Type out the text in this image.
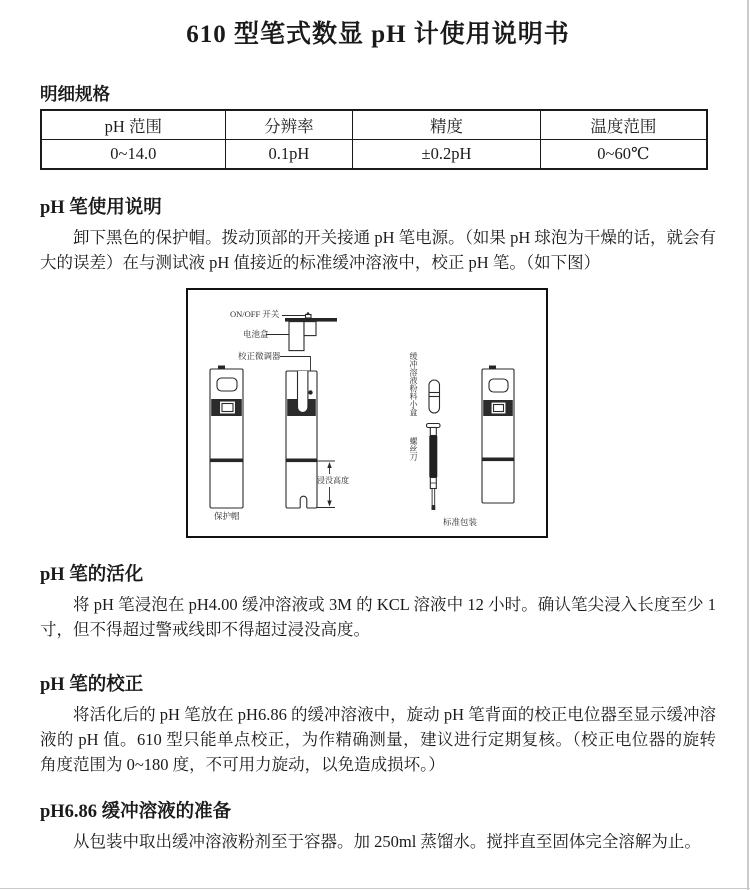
610 型笔式数显 pH 计使用说明书
明细规格
pH 范围	分辨率	精度	温度范围
0~14.0	0.1pH	±0.2pH	0~60℃
pH 笔使用说明

卸下黑色的保护帽。拨动顶部的开关接通 pH 笔电源。（如果 pH 球泡为干燥的话，就会有大的误差）在与测试液 pH 值接近的标准缓冲溶液中，校正 pH 笔。（如下图）

ON/OFF 开关
电池盒
校正微调器
浸没高度
保护帽
缓冲溶液粉料小盒
螺丝刀
标准包装
pH 笔的活化

将 pH 笔浸泡在 pH4.00 缓冲溶液或 3M 的 KCL 溶液中 12 小时。确认笔尖浸入长度至少 1 寸，但不得超过警戒线即不得超过浸没高度。

pH 笔的校正

将活化后的 pH 笔放在 pH6.86 的缓冲溶液中，旋动 pH 笔背面的校正电位器至显示缓冲溶液的 pH 值。610 型只能单点校正，为作精确测量，建议进行定期复核。（校正电位器的旋转角度范围为 0~180 度，不可用力旋动，以免造成损坏。）

pH6.86 缓冲溶液的准备

从包装中取出缓冲溶液粉剂至于容器。加 250ml 蒸馏水。搅拌直至固体完全溶解为止。
